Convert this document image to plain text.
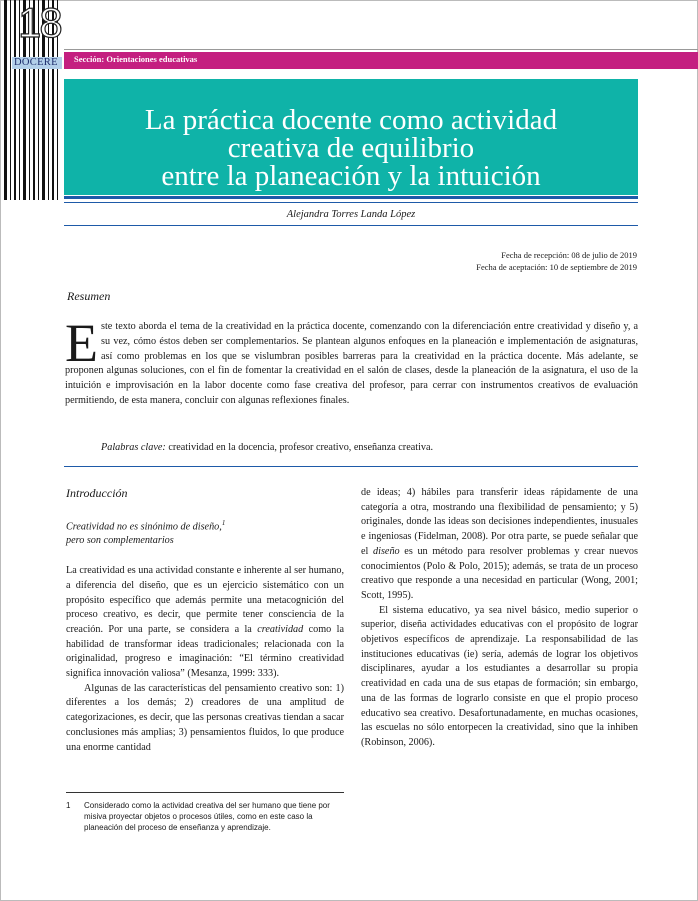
18
Sección: Orientaciones educativas
DOCERE
La práctica docente como actividad
creativa de equilibrio
entre la planeación y la intuición
Alejandra Torres Landa López
Fecha de recepción: 08 de julio de 2019
Fecha de aceptación: 10 de septiembre de 2019
Resumen
Este texto aborda el tema de la creatividad en la práctica docente, comenzando con la diferenciación entre creatividad y diseño y, a su vez, cómo éstos deben ser complementarios. Se plantean algunos enfoques en la planeación e implementación de asignaturas, así como problemas en los que se vislumbran posibles barreras para la creatividad en la práctica docente. Más adelante, se proponen algunas soluciones, con el fin de fomentar la creatividad en el salón de clases, desde la planeación de la asignatura, el uso de la intuición e improvisación en la labor docente como fase creativa del profesor, para cerrar con instrumentos creativos de evaluación permitiendo, de esta manera, concluir con algunas reflexiones finales.
Palabras clave: creatividad en la docencia, profesor creativo, enseñanza creativa.
Introducción
Creatividad no es sinónimo de diseño,$^1$
pero son complementarios

La creatividad es una actividad constante e inherente al ser humano, a diferencia del diseño, que es un ejercicio sistemático con un propósito específico que además permite una metacognición del proceso creativo, es decir, que permite tener consciencia de la creación. Por una parte, se considera a la creatividad como la habilidad de transformar ideas tradicionales; relacionada con la originalidad, progreso e imaginación: “El término creatividad significa innovación valiosa” (Mesanza, 1999: 333).

Algunas de las características del pensamiento creativo son: 1) diferentes a los demás; 2) creadores de una amplitud de categorizaciones, es decir, que las personas creativas tiendan a sacar conclusiones más amplias; 3) pensamientos fluidos, lo que produce una enorme cantidad

de ideas; 4) hábiles para transferir ideas rápidamente de una categoría a otra, mostrando una flexibilidad de pensamiento; y 5) originales, donde las ideas son decisiones independientes, inusuales e ingeniosas (Fidelman, 2008). Por otra parte, se puede señalar que el diseño es un método para resolver problemas y crear nuevos conocimientos (Polo & Polo, 2015); además, se trata de un proceso creativo que responde a una necesidad en particular (Wong, 2001; Scott, 1995).

El sistema educativo, ya sea nivel básico, medio superior o superior, diseña actividades educativas con el propósito de lograr objetivos específicos de aprendizaje. La responsabilidad de las instituciones educativas (ie) sería, además de lograr los objetivos disciplinares, ayudar a los estudiantes a desarrollar su propia creatividad en cada una de sus etapas de formación; sin embargo, una de las formas de lograrlo consiste en que el propio proceso educativo sea creativo. Desafortunadamente, en muchas ocasiones, las escuelas no sólo entorpecen la creatividad, sino que la inhiben (Robinson, 2006).

1 Considerado como la actividad creativa del ser humano que tiene por misiva proyectar objetos o procesos útiles, como en este caso la planeación del proceso de enseñanza y aprendizaje.
